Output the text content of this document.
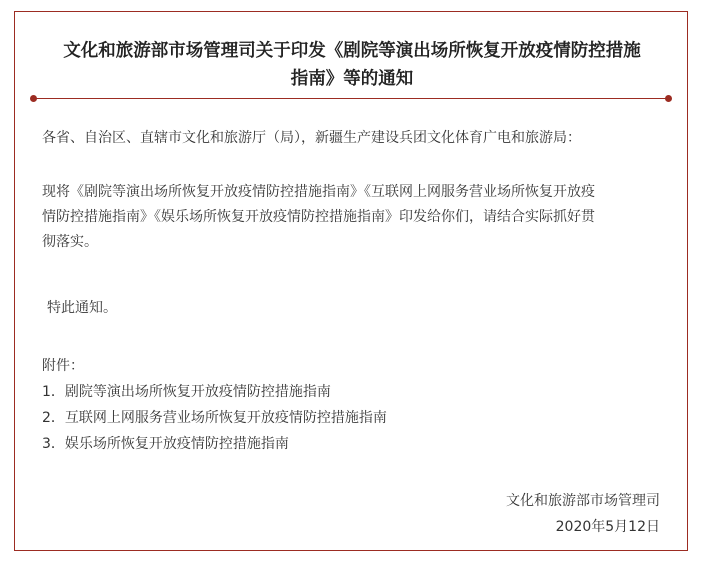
文化和旅游部市场管理司关于印发《剧院等演出场所恢复开放疫情防控措施
指南》等的通知
各省、自治区、直辖市文化和旅游厅（局），新疆生产建设兵团文化体育广电和旅游局：
现将《剧院等演出场所恢复开放疫情防控措施指南》《互联网上网服务营业场所恢复开放疫
情防控措施指南》《娱乐场所恢复开放疫情防控措施指南》印发给你们，请结合实际抓好贯
彻落实。
特此通知。
附件：
1．剧院等演出场所恢复开放疫情防控措施指南
2．互联网上网服务营业场所恢复开放疫情防控措施指南
3．娱乐场所恢复开放疫情防控措施指南
文化和旅游部市场管理司
2020年5月12日
